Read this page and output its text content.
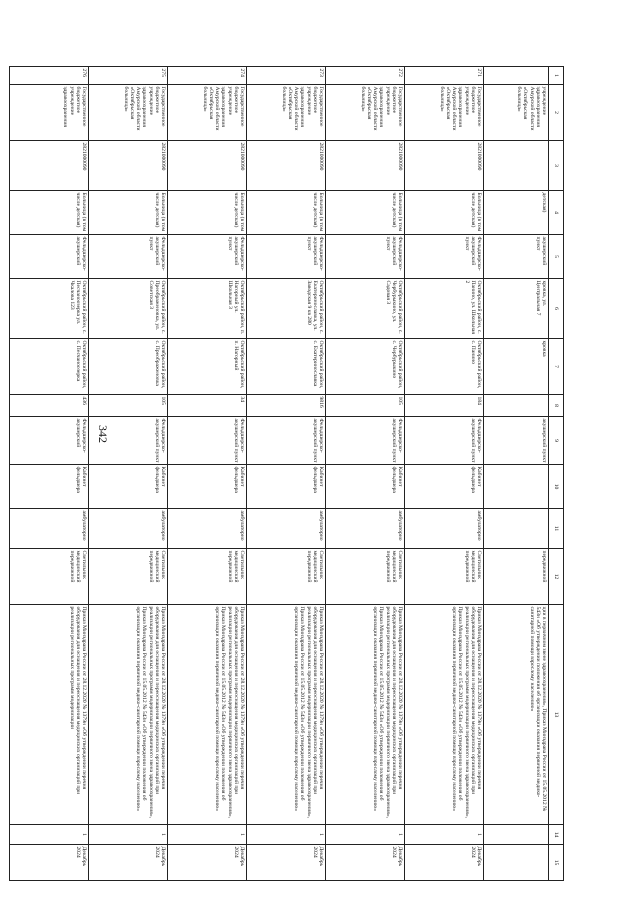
342
1	2	3	4	5	6	7	8	9	10	11	12	13	14	15
	учреждение здравоохранения Амурской области «Октябрьская больница»		детская)	акушерский пункт	кровка, ул. Центральная 7	кровка		акушерский пункт			передвижной	ции в первичном звене здравоохранения», Приказ Минздрава России от 15.05.2012 № 543н «Об утверждении положения об организации оказания первичной медико-санитарной помощи взрослому населению»		
271	Государственное бюджетное учреждение здравоохранения Амурской области «Октябрьская больница»	2821000090	Больница (в том числе детская)	Фельдшерско-акушерский пункт	Октябрьский район, с. Панино, ул. Школьная 2	Октябрьский район, с. Панино	184	Фельдшерско-акушерский пункт	Кабинет фельдшера	амбулаторно	Светильник медицинский передвижной	Приказ Минздрава России от 28.12.2020 № 1379н «Об утверждении перечня оборудования для оснащения и переоснащения медицинских организаций при реализации региональных программ модернизации первичного звена здравоохранения», Приказ Минздрава России от 15.05.2012 № 543н «Об утверждении положения об организации оказания первичной медико-санитарной помощи взрослому населению»	1	Декабрь 2024
272	Государственное бюджетное учреждение здравоохранения Амурской области «Октябрьская больница»	2821000090	Больница (в том числе детская)	Фельдшерско-акушерский пункт	Октябрьский район, с. Чербурыкино, ул. Садовая 3	Октябрьский район, с. Чербурыкино	105	Фельдшерско-акушерский пункт	Кабинет фельдшера	амбулаторно	Светильник медицинский передвижной	Приказ Минздрава России от 28.12.2020 № 1379н «Об утверждении перечня оборудования для оснащения и переоснащения медицинских организаций при реализации региональных программ модернизации первичного звена здравоохранения», Приказ Минздрава России от 15.05.2012 № 543н «Об утверждении положения об организации оказания первичной медико-санитарной помощи взрослому населению»	1	Декабрь 2024
273	Государственное бюджетное учреждение здравоохранения Амурской области «Октябрьская больница»	2821000090	Больница (в том числе детская)	Фельдшерско-акушерский пункт	Октябрьский район, с. Екатеринославка, ул. Заводская 9 кв 280	Октябрьский район, с. Екатеринославка	9816	Фельдшерско-акушерский пункт	Кабинет фельдшера	амбулаторно	Светильник медицинский передвижной	Приказ Минздрава России от 28.12.2020 № 1379н «Об утверждении перечня оборудования для оснащения и переоснащения медицинских организаций при реализации региональных программ модернизации первичного звена здравоохранения», Приказ Минздрава России от 15.05.2012 № 543н «Об утверждении положения об организации оказания первичной медико-санитарной помощи взрослому населению»	1	Декабрь 2024
274	Государственное бюджетное учреждение здравоохранения Амурской области «Октябрьская больница»	2821000090	Больница (в том числе детская)	Фельдшерско-акушерский пункт	Октябрьский район, п. Нагорный ул. Школьная 3	Октябрьский район, п. Нагорный	34	Фельдшерско-акушерский пункт	Кабинет фельдшера	амбулаторно	Светильник медицинский передвижной	Приказ Минздрава России от 28.12.2020 № 1379н «Об утверждении перечня оборудования для оснащения и переоснащения медицинских организаций при реализации региональных программ модернизации первичного звена здравоохранения», Приказ Минздрава России от 15.05.2012 № 543н «Об утверждении положения об организации оказания первичной медико-санитарной помощи взрослому населению»	1	Декабрь 2024
275	Государственное бюджетное учреждение здравоохранения Амурской области «Октябрьская больница»	2821000090	Больница (в том числе детская)	Фельдшерско-акушерский пункт	Октябрьский район, с. Преображеновка, ул. Советская 3	Октябрьский район, с. Преображеновка	105	Фельдшерско-акушерский пункт	Кабинет фельдшера	амбулаторно	Светильник медицинский передвижной	Приказ Минздрава России от 28.12.2020 № 1379н «Об утверждении перечня оборудования для оснащения и переоснащения медицинских организаций при реализации региональных программ модернизации первичного звена здравоохранения», Приказ Минздрава России от 15.05.2012 № 543н «Об утверждении положения об организации оказания первичной медико-санитарной помощи взрослому населению»	1	Декабрь 2024
276	Государственное бюджетное учреждение здравоохранения	2821000090	Больница (в том числе детская)	Фельдшерско-акушерский	Октябрьский район, с. Песчаноозерка ул. Чкалова 123	Октябрьский район, с. Песчаноозерка	436	Фельдшерско-акушерский	Кабинет фельдшера	амбулаторно	Светильник медицинский передвижной	Приказ Минздрава России от 28.12.2020 № 1379н «Об утверждении перечня оборудования для оснащения и переоснащения медицинских организаций при реализации региональных программ модернизации	1	Декабрь 2024
